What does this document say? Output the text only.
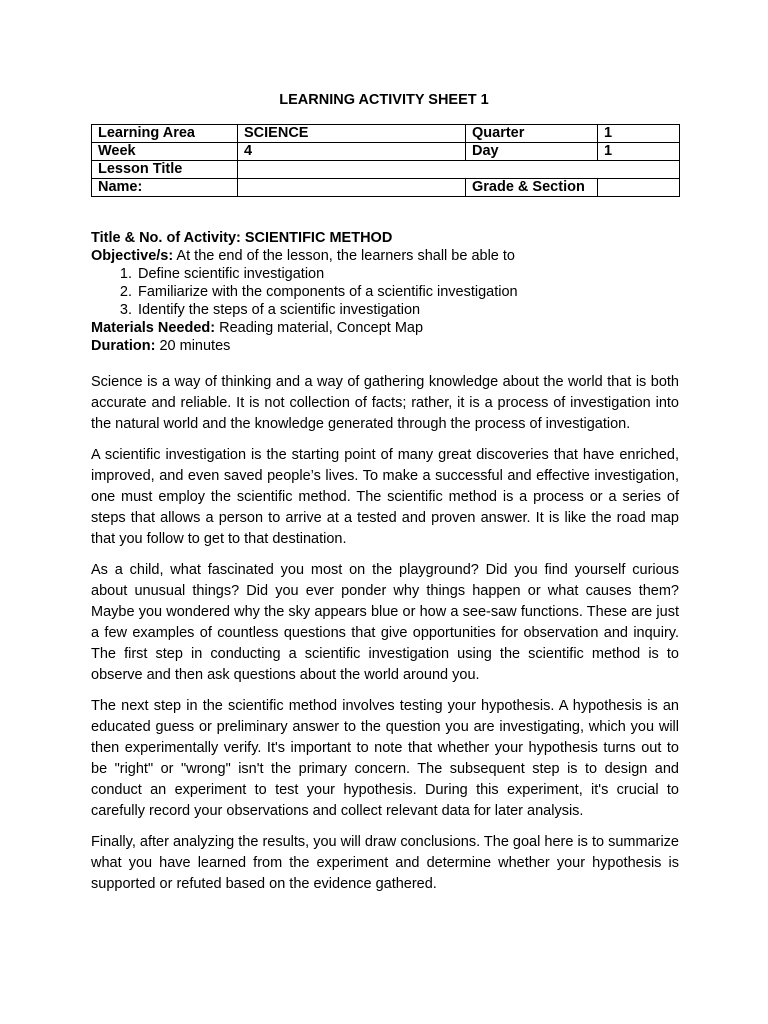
LEARNING ACTIVITY SHEET 1
Learning Area	SCIENCE	Quarter	1
Week	4	Day	1
Lesson Title			
Name:		Grade & Section	
Title & No. of Activity: SCIENTIFIC METHOD
Objective/s: At the end of the lesson, the learners shall be able to
1. Define scientific investigation
2. Familiarize with the components of a scientific investigation
3. Identify the steps of a scientific investigation
Materials Needed: Reading material, Concept Map
Duration: 20 minutes

Science is a way of thinking and a way of gathering knowledge about the world that is both accurate and reliable. It is not collection of facts; rather, it is a process of investigation into the natural world and the knowledge generated through the process of investigation.

A scientific investigation is the starting point of many great discoveries that have enriched, improved, and even saved people’s lives. To make a successful and effective investigation, one must employ the scientific method. The scientific method is a process or a series of steps that allows a person to arrive at a tested and proven answer. It is like the road map that you follow to get to that destination.

As a child, what fascinated you most on the playground? Did you find yourself curious about unusual things? Did you ever ponder why things happen or what causes them? Maybe you wondered why the sky appears blue or how a see-saw functions. These are just a few examples of countless questions that give opportunities for observation and inquiry. The first step in conducting a scientific investigation using the scientific method is to observe and then ask questions about the world around you.

The next step in the scientific method involves testing your hypothesis. A hypothesis is an educated guess or preliminary answer to the question you are investigating, which you will then experimentally verify. It's important to note that whether your hypothesis turns out to be "right" or "wrong" isn't the primary concern. The subsequent step is to design and conduct an experiment to test your hypothesis. During this experiment, it's crucial to carefully record your observations and collect relevant data for later analysis.

Finally, after analyzing the results, you will draw conclusions. The goal here is to summarize what you have learned from the experiment and determine whether your hypothesis is supported or refuted based on the evidence gathered.
